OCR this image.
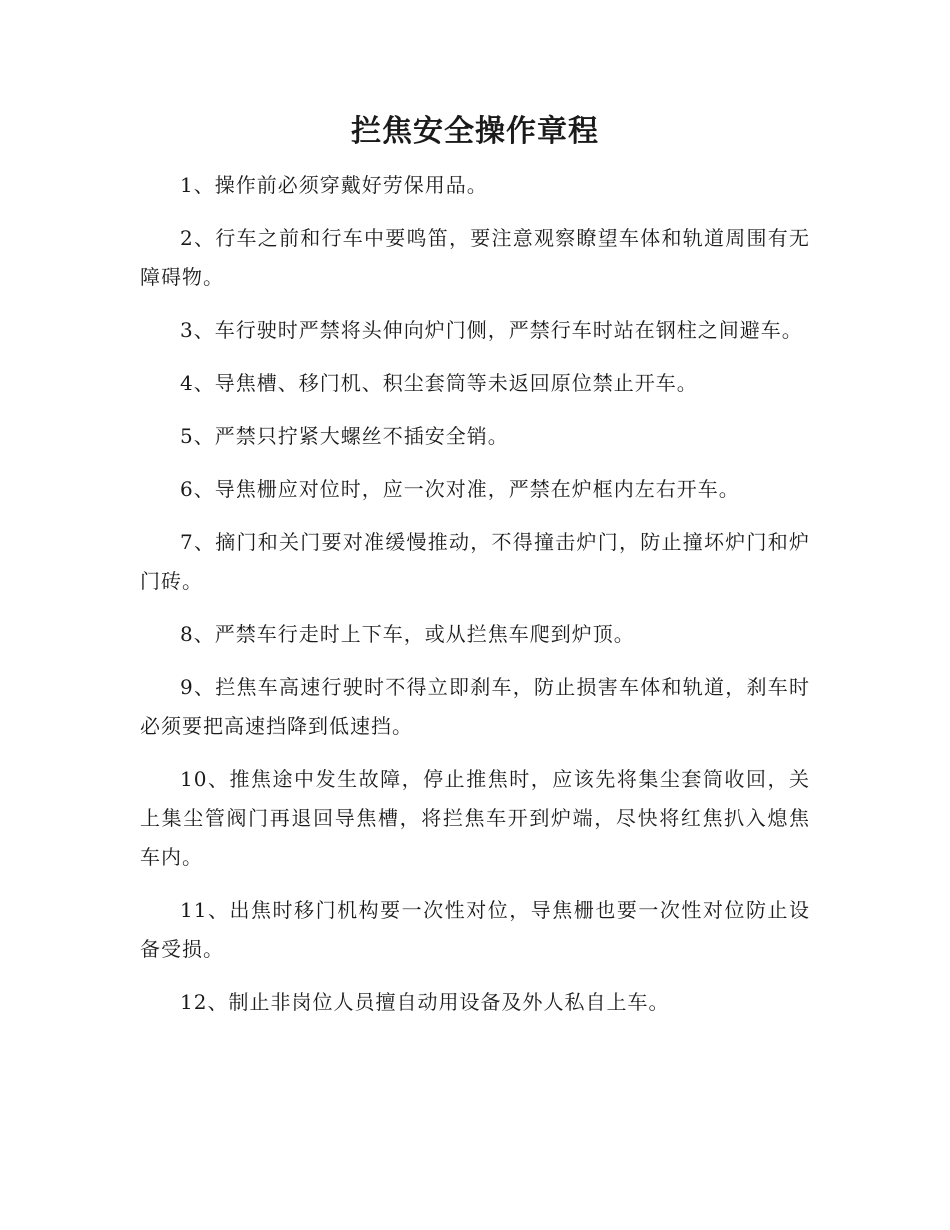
拦焦安全操作章程

1、操作前必须穿戴好劳保用品。

2、行车之前和行车中要鸣笛，要注意观察瞭望车体和轨道周围有无障碍物。

3、车行驶时严禁将头伸向炉门侧，严禁行车时站在钢柱之间避车。

4、导焦槽、移门机、积尘套筒等未返回原位禁止开车。

5、严禁只拧紧大螺丝不插安全销。

6、导焦栅应对位时，应一次对准，严禁在炉框内左右开车。

7、摘门和关门要对准缓慢推动，不得撞击炉门，防止撞坏炉门和炉门砖。

8、严禁车行走时上下车，或从拦焦车爬到炉顶。

9、拦焦车高速行驶时不得立即刹车，防止损害车体和轨道，刹车时必须要把高速挡降到低速挡。

10、推焦途中发生故障，停止推焦时，应该先将集尘套筒收回，关上集尘管阀门再退回导焦槽，将拦焦车开到炉端，尽快将红焦扒入熄焦车内。

11、出焦时移门机构要一次性对位，导焦栅也要一次性对位防止设备受损。

12、制止非岗位人员擅自动用设备及外人私自上车。
